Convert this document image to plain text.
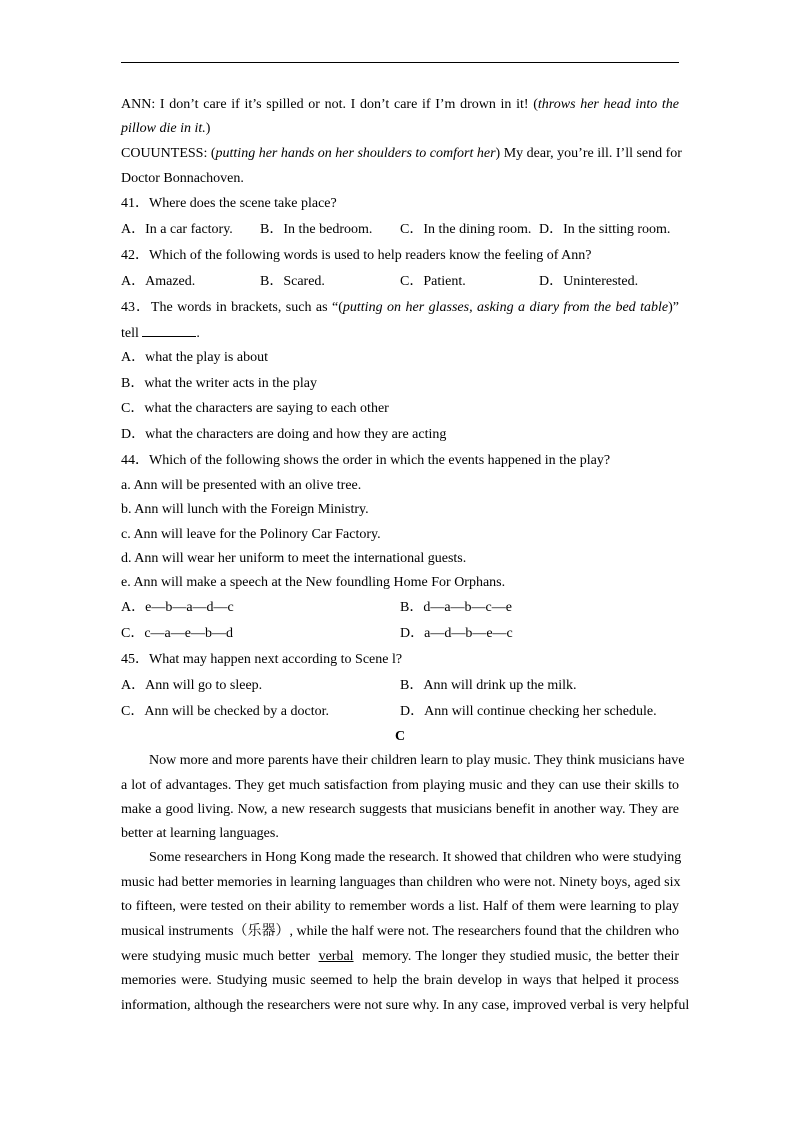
ANN: I don’t care if it’s spilled or not. I don’t care if I’m drown in it! (throws her head into the
pillow die in it.)
COUUNTESS: (putting her hands on her shoulders to comfort her) My dear, you’re ill. I’ll send for
Doctor Bonnachoven.
41 ． Where does the scene take place?
A．In a car factory. B．In the bedroom. C．In the dining room. D．In the sitting room.
42 ． Which of the following words is used to help readers know the feeling of Ann?
A．Amazed.	B．Scared.	C．Patient.	D．Uninterested.
43 ． The words in brackets, such as “(putting on her glasses, asking a diary from the bed table)”
tell	.
A．what the play is about
B．what the writer acts in the play
C．what the characters are saying to each other
D．what the characters are doing and how they are acting
44 ． Which of the following shows the order in which the events happened in the play?
a. Ann will be presented with an olive tree.
b. Ann will lunch with the Foreign Ministry.
c. Ann will leave for the Polinory Car Factory.
d. Ann will wear her uniform to meet the international guests.
e. Ann will make a speech at the New foundling Home For Orphans.
A．e—b—a—d—c	B．d—a—b—c—e
C．c—a—e—b—d	D．a—d—b—e—c
45 ． What may happen next according to Scene l?
A．Ann will go to sleep.	B．Ann will drink up the milk.
C．Ann will be checked by a doctor.	D．Ann will continue checking her schedule.
C
Now more and more parents have their children learn to play music. They think musicians have
a lot of advantages. They get much satisfaction from playing music and they can use their skills to
make a good living. Now, a new research suggests that musicians benefit in another way. They are
better at learning languages.
Some researchers in Hong Kong made the research. It showed that children who were studying
music had better memories in learning languages than children who were not. Ninety boys, aged six
to fifteen, were tested on their ability to remember words a list. Half of them were learning to play
musical instruments（乐器）, while the half were not. The researchers found that the children who
were studying music much better verbal memory. The longer they studied music, the better their
memories were. Studying music seemed to help the brain develop in ways that helped it process
information, although the researchers were not sure why. In any case, improved verbal is very helpful
